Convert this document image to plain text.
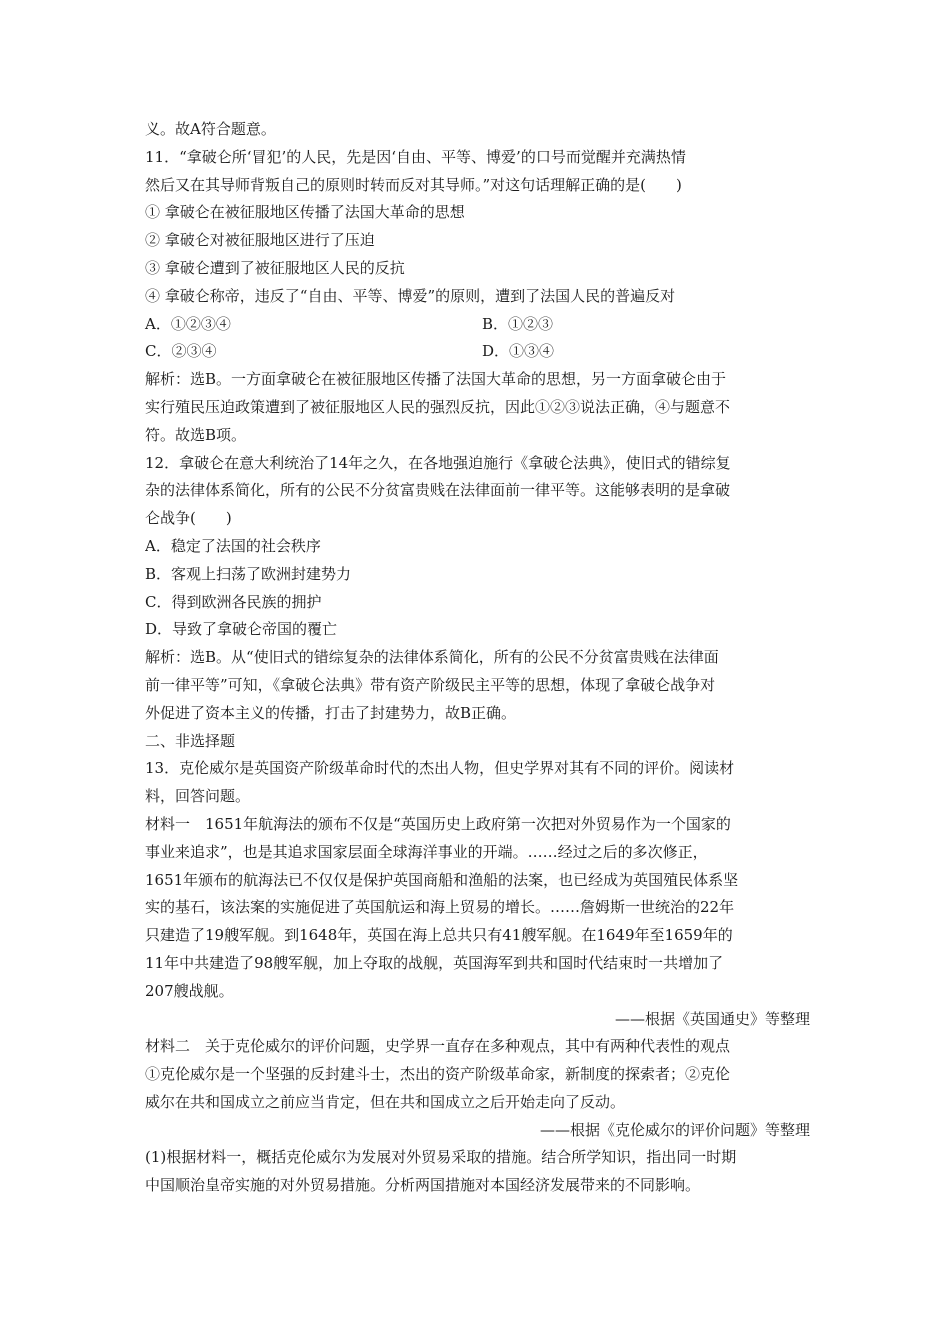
义。故A符合题意。
11．“拿破仑所‘冒犯’的人民，先是因‘自由、平等、博爱’的口号而觉醒并充满热情
然后又在其导师背叛自己的原则时转而反对其导师。”对这句话理解正确的是(　　)
① 拿破仑在被征服地区传播了法国大革命的思想
② 拿破仑对被征服地区进行了压迫
③ 拿破仑遭到了被征服地区人民的反抗
④ 拿破仑称帝，违反了“自由、平等、博爱”的原则，遭到了法国人民的普遍反对
A．①②③④	B．①②③
C．②③④	D．①③④
解析：选B。一方面拿破仑在被征服地区传播了法国大革命的思想，另一方面拿破仑由于
实行殖民压迫政策遭到了被征服地区人民的强烈反抗，因此①②③说法正确，④与题意不
符。故选B项。
12．拿破仑在意大利统治了14年之久，在各地强迫施行《拿破仑法典》，使旧式的错综复
杂的法律体系简化，所有的公民不分贫富贵贱在法律面前一律平等。这能够表明的是拿破
仑战争(　　)
A．稳定了法国的社会秩序
B．客观上扫荡了欧洲封建势力
C．得到欧洲各民族的拥护
D．导致了拿破仑帝国的覆亡
解析：选B。从“使旧式的错综复杂的法律体系简化，所有的公民不分贫富贵贱在法律面
前一律平等”可知，《拿破仑法典》带有资产阶级民主平等的思想，体现了拿破仑战争对
外促进了资本主义的传播，打击了封建势力，故B正确。
二、非选择题
13．克伦威尔是英国资产阶级革命时代的杰出人物，但史学界对其有不同的评价。阅读材
料，回答问题。
材料一　1651年航海法的颁布不仅是“英国历史上政府第一次把对外贸易作为一个国家的
事业来追求”，也是其追求国家层面全球海洋事业的开端。……经过之后的多次修正，
1651年颁布的航海法已不仅仅是保护英国商船和渔船的法案，也已经成为英国殖民体系坚
实的基石，该法案的实施促进了英国航运和海上贸易的增长。……詹姆斯一世统治的22年
只建造了19艘军舰。到1648年，英国在海上总共只有41艘军舰。在1649年至1659年的
11年中共建造了98艘军舰，加上夺取的战舰，英国海军到共和国时代结束时一共增加了
207艘战舰。
——根据《英国通史》等整理
材料二　关于克伦威尔的评价问题，史学界一直存在多种观点，其中有两种代表性的观点
①克伦威尔是一个坚强的反封建斗士，杰出的资产阶级革命家，新制度的探索者；②克伦
威尔在共和国成立之前应当肯定，但在共和国成立之后开始走向了反动。
——根据《克伦威尔的评价问题》等整理
(1)根据材料一，概括克伦威尔为发展对外贸易采取的措施。结合所学知识，指出同一时期
中国顺治皇帝实施的对外贸易措施。分析两国措施对本国经济发展带来的不同影响。
